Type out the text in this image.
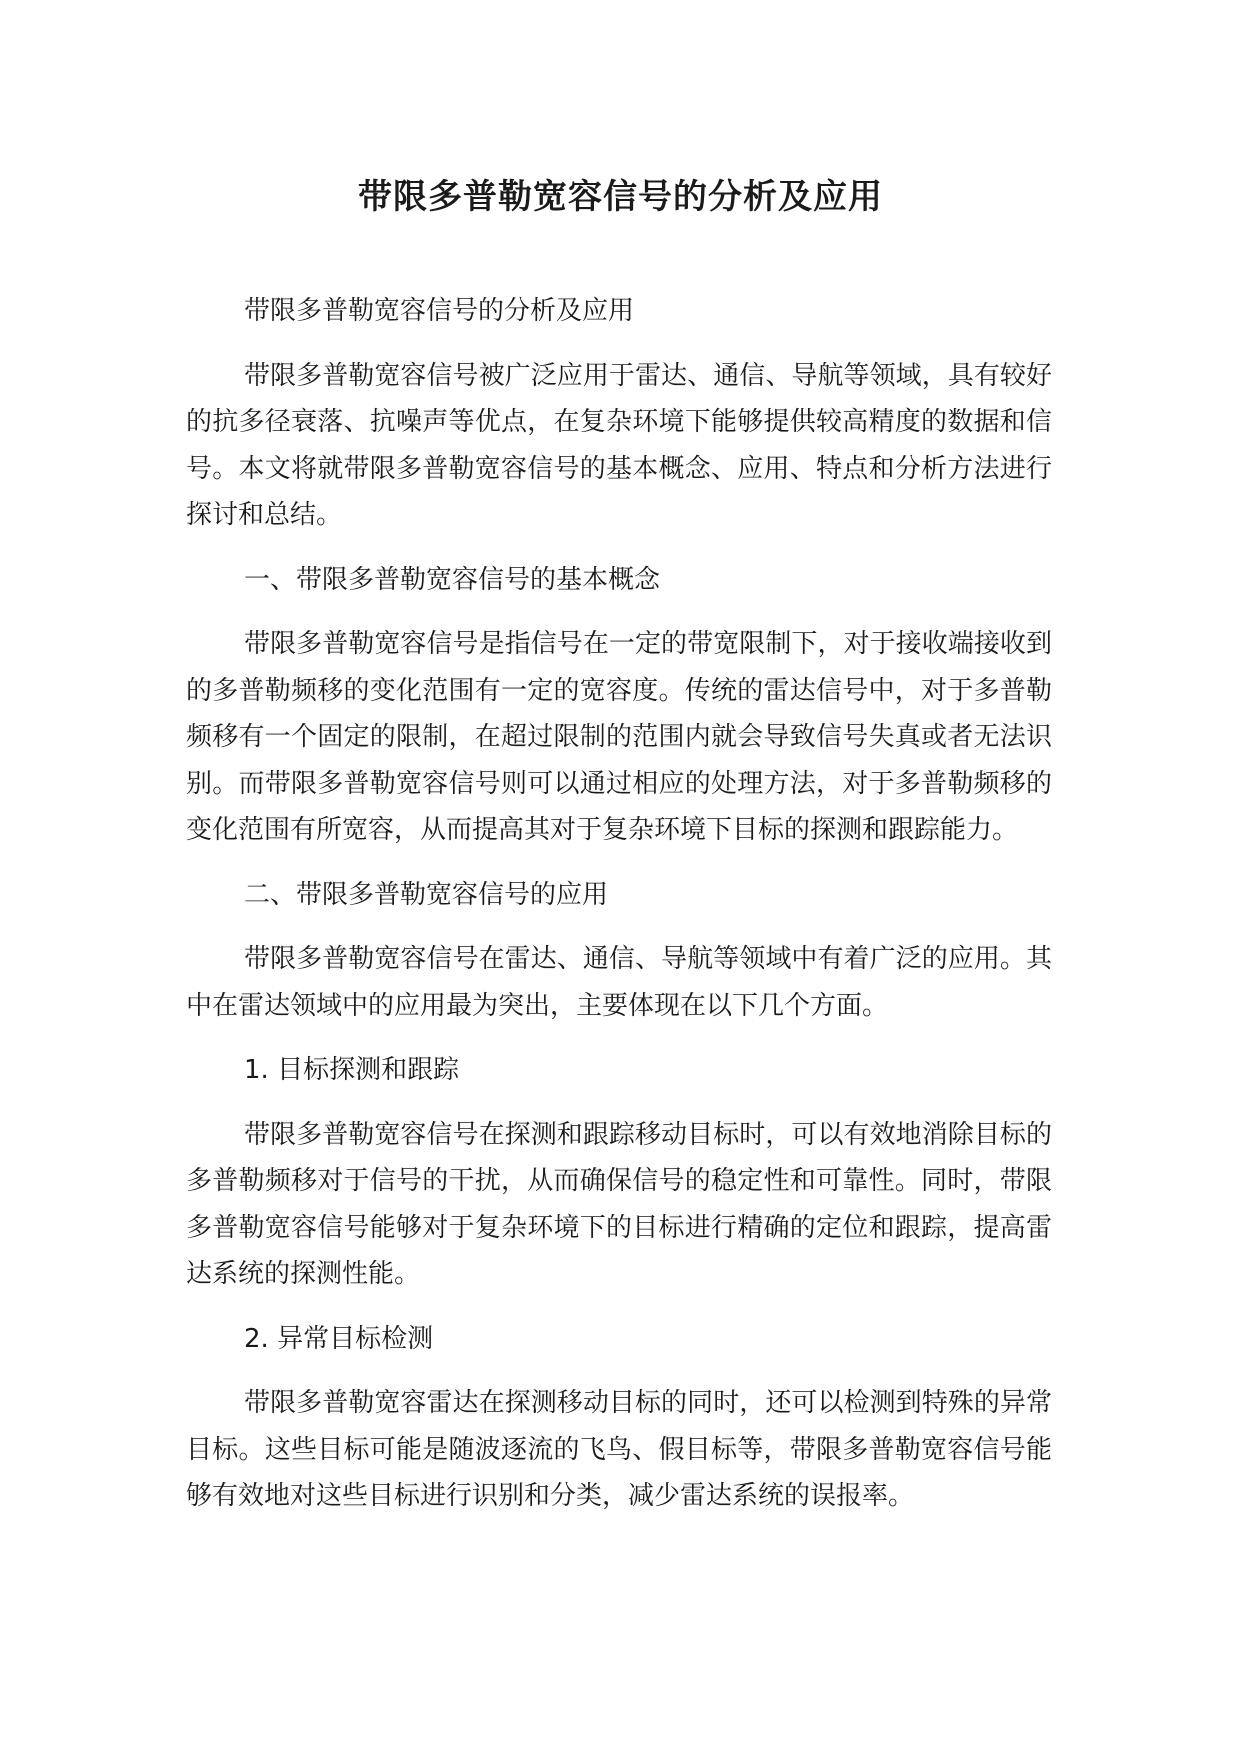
带限多普勒宽容信号的分析及应用

带限多普勒宽容信号的分析及应用

带限多普勒宽容信号被广泛应用于雷达、通信、导航等领域，具有较好的抗多径衰落、抗噪声等优点，在复杂环境下能够提供较高精度的数据和信号。本文将就带限多普勒宽容信号的基本概念、应用、特点和分析方法进行探讨和总结。

一、带限多普勒宽容信号的基本概念

带限多普勒宽容信号是指信号在一定的带宽限制下，对于接收端接收到的多普勒频移的变化范围有一定的宽容度。传统的雷达信号中，对于多普勒频移有一个固定的限制，在超过限制的范围内就会导致信号失真或者无法识别。而带限多普勒宽容信号则可以通过相应的处理方法，对于多普勒频移的变化范围有所宽容，从而提高其对于复杂环境下目标的探测和跟踪能力。

二、带限多普勒宽容信号的应用

带限多普勒宽容信号在雷达、通信、导航等领域中有着广泛的应用。其中在雷达领域中的应用最为突出，主要体现在以下几个方面。

1. 目标探测和跟踪

带限多普勒宽容信号在探测和跟踪移动目标时，可以有效地消除目标的多普勒频移对于信号的干扰，从而确保信号的稳定性和可靠性。同时，带限多普勒宽容信号能够对于复杂环境下的目标进行精确的定位和跟踪，提高雷达系统的探测性能。

2. 异常目标检测

带限多普勒宽容雷达在探测移动目标的同时，还可以检测到特殊的异常目标。这些目标可能是随波逐流的飞鸟、假目标等，带限多普勒宽容信号能够有效地对这些目标进行识别和分类，减少雷达系统的误报率。
